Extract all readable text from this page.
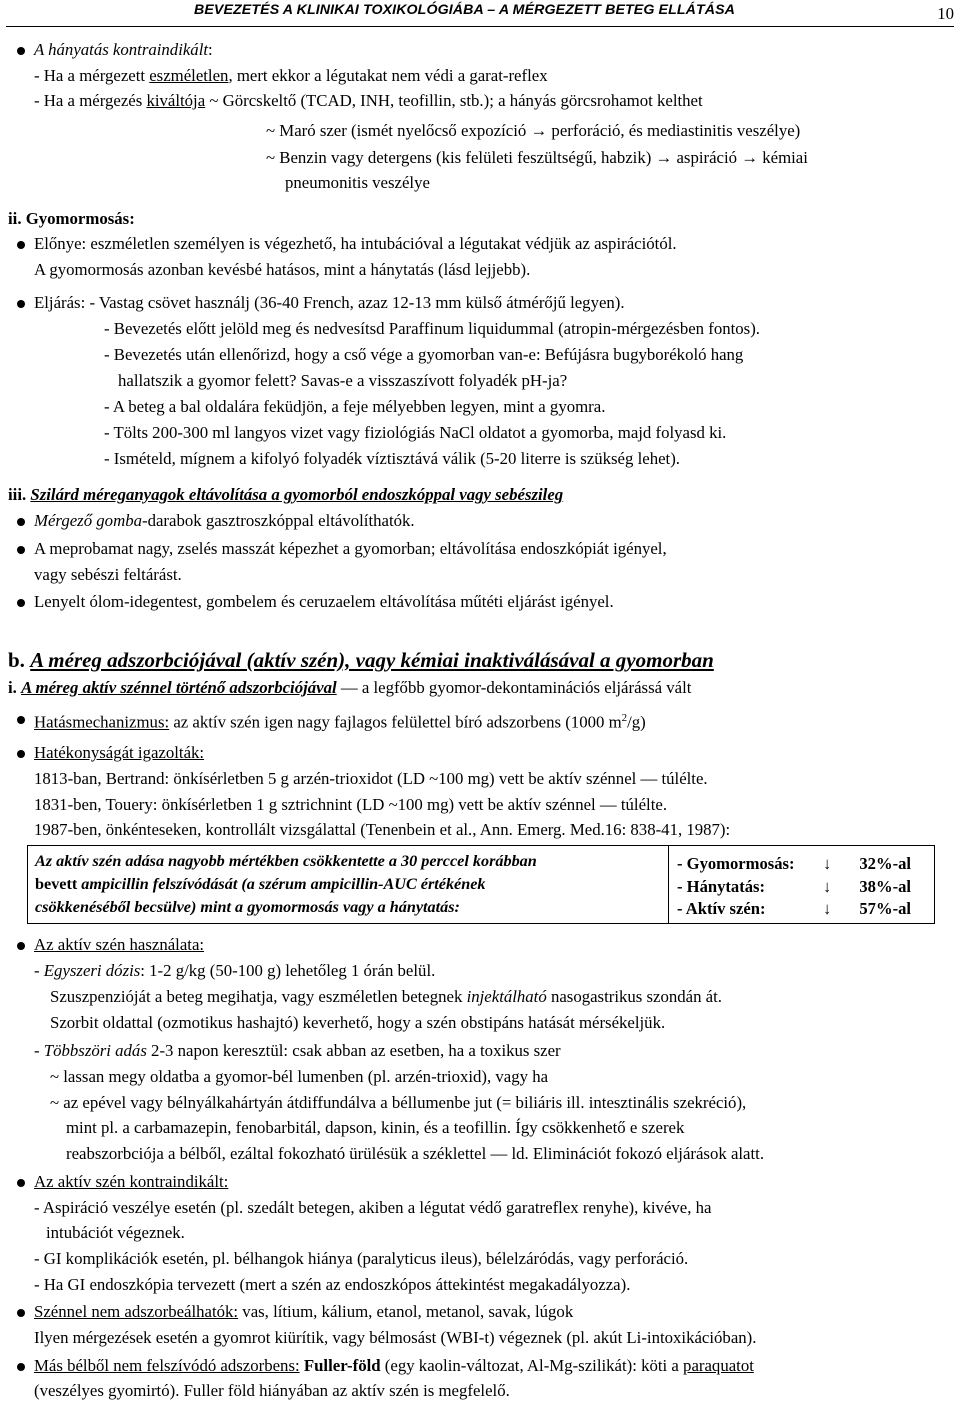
BEVEZETÉS A KLINIKAI TOXIKOLÓGIÁBA – A MÉRGEZETT BETEG ELLÁTÁSA	10
A hányatás kontraindikált:
- Ha a mérgezett eszméletlen, mert ekkor a légutakat nem védi a garat-reflex
- Ha a mérgezés kiváltója ~ Görcskeltő (TCAD, INH, teofillin, stb.); a hányás görcsrohamot kelthet
~ Maró szer (ismét nyelőcső expozíció → perforáció, és mediastinitis veszélye)
~ Benzin vagy detergens (kis felületi feszültségű, habzik) → aspiráció → kémiai
pneumonitis veszélye
ii. Gyomormosás:
Előnye: eszméletlen személyen is végezhető, ha intubációval a légutakat védjük az aspirációtól.
A gyomormosás azonban kevésbé hatásos, mint a hánytatás (lásd lejjebb).
Eljárás: - Vastag csövet használj (36-40 French, azaz 12-13 mm külső átmérőjű legyen).
- Bevezetés előtt jelöld meg és nedvesítsd Paraffinum liquidummal (atropin-mérgezésben fontos).
- Bevezetés után ellenőrizd, hogy a cső vége a gyomorban van-e: Befújásra bugyborékoló hang
hallatszik a gyomor felett? Savas-e a visszaszívott folyadék pH-ja?
- A beteg a bal oldalára feküdjön, a feje mélyebben legyen, mint a gyomra.
- Tölts 200-300 ml langyos vizet vagy fiziológiás NaCl oldatot a gyomorba, majd folyasd ki.
- Ismételd, mígnem a kifolyó folyadék víztisztává válik (5-20 literre is szükség lehet).
iii. Szilárd méreganyagok eltávolítása a gyomorból endoszkóppal vagy sebészileg
Mérgező gomba-darabok gasztroszkóppal eltávolíthatók.
A meprobamat nagy, zselés masszát képezhet a gyomorban; eltávolítása endoszkópiát igényel,
vagy sebészi feltárást.
Lenyelt ólom-idegentest, gombelem és ceruzaelem eltávolítása műtéti eljárást igényel.
b. A méreg adszorbciójával (aktív szén), vagy kémiai inaktiválásával a gyomorban
i. A méreg aktív szénnel történő adszorbciójával — a legfőbb gyomor-dekontaminációs eljárássá vált
Hatásmechanizmus: az aktív szén igen nagy fajlagos felülettel bíró adszorbens (1000 $m^2/g$)
Hatékonyságát igazolták:
1813-ban, Bertrand: önkísérletben 5 g arzén-trioxidot (LD ~100 mg) vett be aktív szénnel — túlélte.
1831-ben, Touery: önkísérletben 1 g sztrichnint (LD ~100 mg) vett be aktív szénnel — túlélte.
1987-ben, önkénteseken, kontrollált vizsgálattal (Tenenbein et al., Ann. Emerg. Med.16: 838-41, 1987):
Az aktív szén adása nagyobb mértékben csökkentette a 30 perccel korábban
bevett ampicillin felszívódását (a szérum ampicillin-AUC értékének
csökkenéséből becsülve) mint a gyomormosás vagy a hánytatás:
- Gyomormosás: ↓ 32%-al
- Hánytatás:	↓ 38%-al
- Aktív szén:	↓ 57%-al
Az aktív szén használata:
- Egyszeri dózis: 1-2 g/kg (50-100 g) lehetőleg 1 órán belül.
Szuszpenzióját a beteg megihatja, vagy eszméletlen betegnek injektálható nasogastrikus szondán át.
Szorbit oldattal (ozmotikus hashajtó) keverhető, hogy a szén obstipáns hatását mérsékeljük.
- Többszöri adás 2-3 napon keresztül: csak abban az esetben, ha a toxikus szer
~ lassan megy oldatba a gyomor-bél lumenben (pl. arzén-trioxid), vagy ha
~ az epével vagy bélnyálkahártyán átdiffundálva a béllumenbe jut (= biliáris ill. intesztinális szekréció),
mint pl. a carbamazepin, fenobarbitál, dapson, kinin, és a teofillin. Így csökkenhető e szerek
reabszorbciója a bélből, ezáltal fokozható ürülésük a széklettel — ld. Eliminációt fokozó eljárások alatt.
Az aktív szén kontraindikált:
- Aspiráció veszélye esetén (pl. szedált betegen, akiben a légutat védő garatreflex renyhe), kivéve, ha
intubációt végeznek.
- GI komplikációk esetén, pl. bélhangok hiánya (paralyticus ileus), bélelzáródás, vagy perforáció.
- Ha GI endoszkópia tervezett (mert a szén az endoszkópos áttekintést megakadályozza).
Szénnel nem adszorbeálhatók: vas, lítium, kálium, etanol, metanol, savak, lúgok
Ilyen mérgezések esetén a gyomrot kiürítik, vagy bélmosást (WBI-t) végeznek (pl. akút Li-intoxikációban).
Más bélből nem felszívódó adszorbens: Fuller-föld (egy kaolin-változat, Al-Mg-szilikát): köti a paraquatot
(veszélyes gyomirtó). Fuller föld hiányában az aktív szén is megfelelő.
